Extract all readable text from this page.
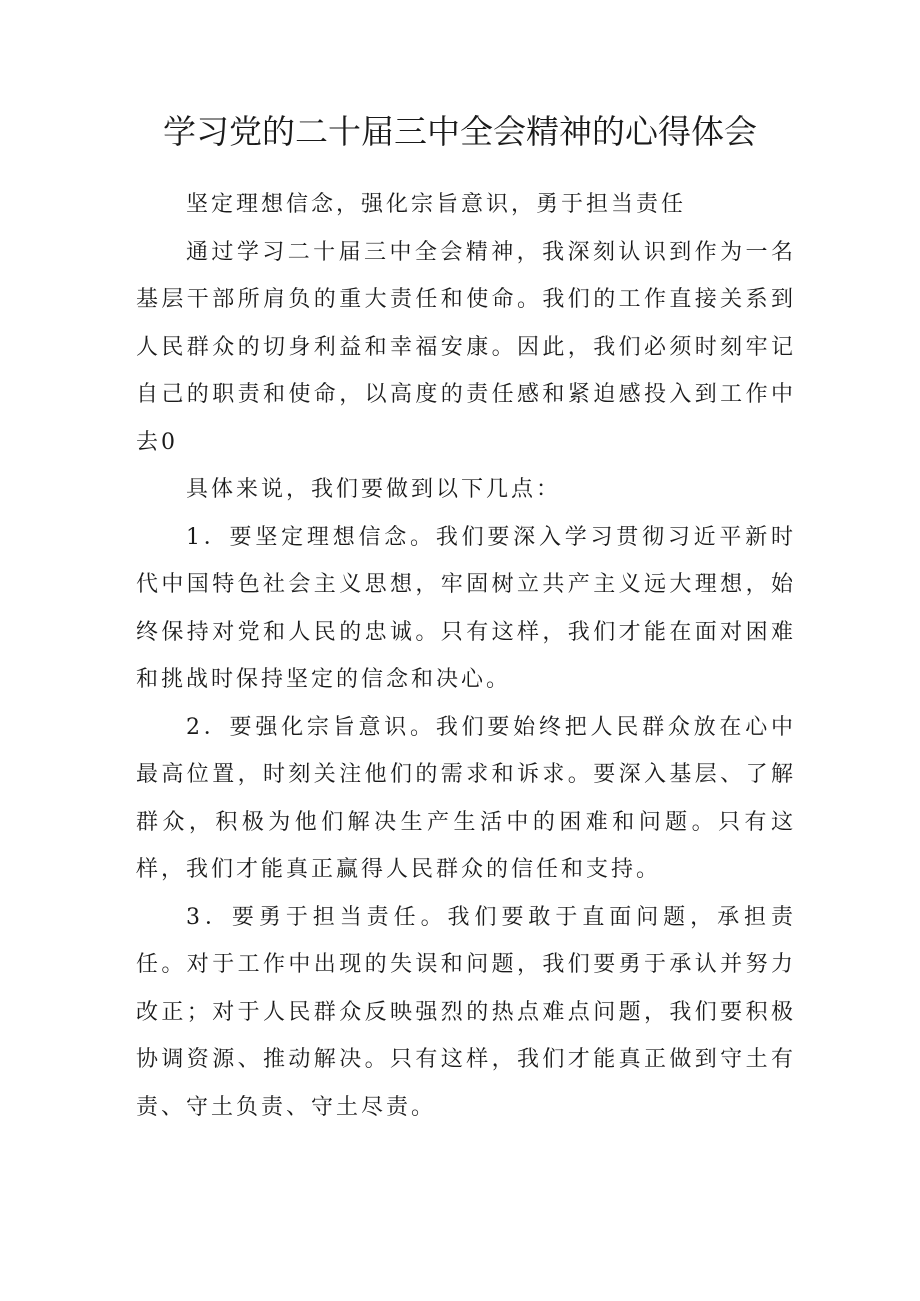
学习党的二十届三中全会精神的心得体会

坚定理想信念，强化宗旨意识，勇于担当责任

通过学习二十届三中全会精神，我深刻认识到作为一名基层干部所肩负的重大责任和使命。我们的工作直接关系到人民群众的切身利益和幸福安康。因此，我们必须时刻牢记自己的职责和使命，以高度的责任感和紧迫感投入到工作中去0

具体来说，我们要做到以下几点：

1．要坚定理想信念。我们要深入学习贯彻习近平新时代中国特色社会主义思想，牢固树立共产主义远大理想，始终保持对党和人民的忠诚。只有这样，我们才能在面对困难和挑战时保持坚定的信念和决心。

2．要强化宗旨意识。我们要始终把人民群众放在心中最高位置，时刻关注他们的需求和诉求。要深入基层、了解群众，积极为他们解决生产生活中的困难和问题。只有这样，我们才能真正赢得人民群众的信任和支持。

3．要勇于担当责任。我们要敢于直面问题，承担责任。对于工作中出现的失误和问题，我们要勇于承认并努力改正；对于人民群众反映强烈的热点难点问题，我们要积极协调资源、推动解决。只有这样，我们才能真正做到守土有责、守土负责、守土尽责。
